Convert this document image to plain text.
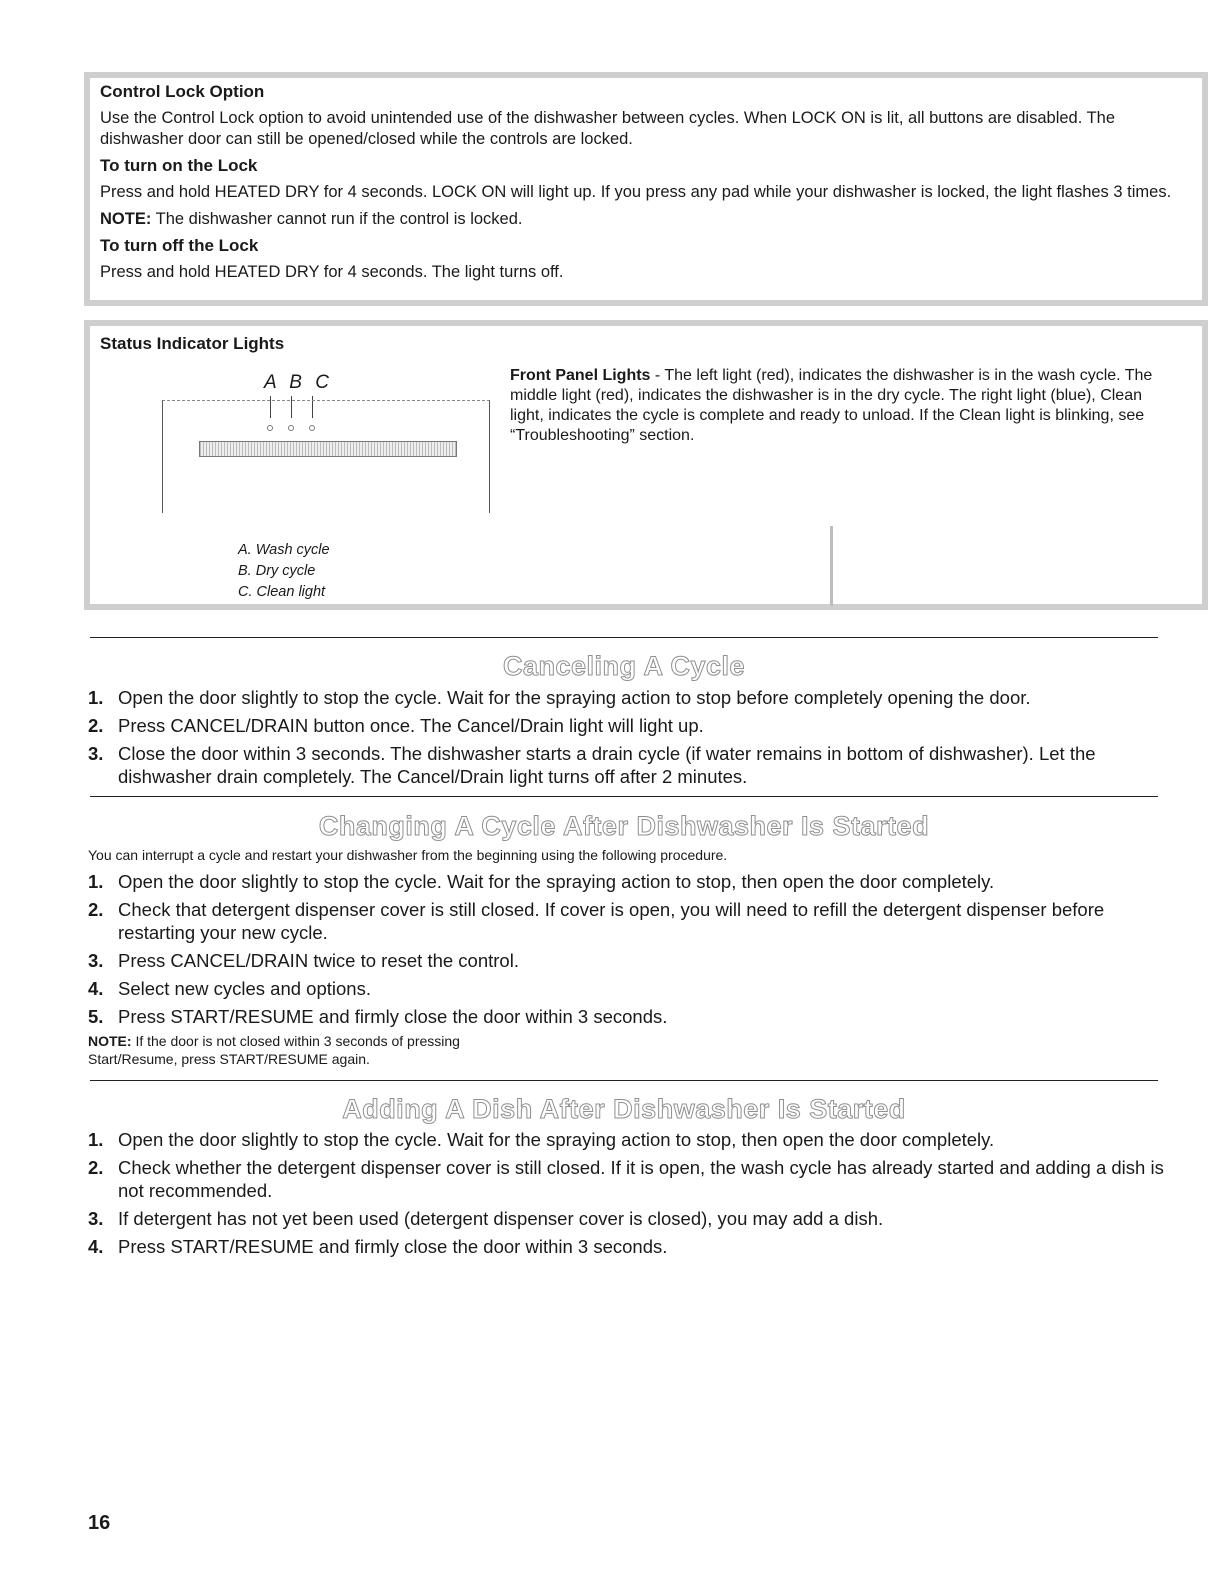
Control Lock Option
Use the Control Lock option to avoid unintended use of the dishwasher between cycles. When LOCK ON is lit, all buttons are disabled. The dishwasher door can still be opened/closed while the controls are locked.
To turn on the Lock
Press and hold HEATED DRY for 4 seconds. LOCK ON will light up. If you press any pad while your dishwasher is locked, the light flashes 3 times.
NOTE: The dishwasher cannot run if the control is locked.
To turn off the Lock
Press and hold HEATED DRY for 4 seconds. The light turns off.
Status Indicator Lights
A B C
A. Wash cycle
B. Dry cycle
C. Clean light
Front Panel Lights - The left light (red), indicates the dishwasher is in the wash cycle. The middle light (red), indicates the dishwasher is in the dry cycle. The right light (blue), Clean light, indicates the cycle is complete and ready to unload. If the Clean light is blinking, see “Troubleshooting” section.
Canceling A Cycle
1. Open the door slightly to stop the cycle. Wait for the spraying action to stop before completely opening the door.
2. Press CANCEL/DRAIN button once. The Cancel/Drain light will light up.
3. Close the door within 3 seconds. The dishwasher starts a drain cycle (if water remains in bottom of dishwasher). Let the dishwasher drain completely. The Cancel/Drain light turns off after 2 minutes.
Changing A Cycle After Dishwasher Is Started
You can interrupt a cycle and restart your dishwasher from the beginning using the following procedure.
1. Open the door slightly to stop the cycle. Wait for the spraying action to stop, then open the door completely.
2. Check that detergent dispenser cover is still closed. If cover is open, you will need to refill the detergent dispenser before restarting your new cycle.
3. Press CANCEL/DRAIN twice to reset the control.
4. Select new cycles and options.
5. Press START/RESUME and firmly close the door within 3 seconds.
NOTE: If the door is not closed within 3 seconds of pressing
Start/Resume, press START/RESUME again.
Adding A Dish After Dishwasher Is Started
1. Open the door slightly to stop the cycle. Wait for the spraying action to stop, then open the door completely.
2. Check whether the detergent dispenser cover is still closed. If it is open, the wash cycle has already started and adding a dish is not recommended.
3. If detergent has not yet been used (detergent dispenser cover is closed), you may add a dish.
4. Press START/RESUME and firmly close the door within 3 seconds.
16
